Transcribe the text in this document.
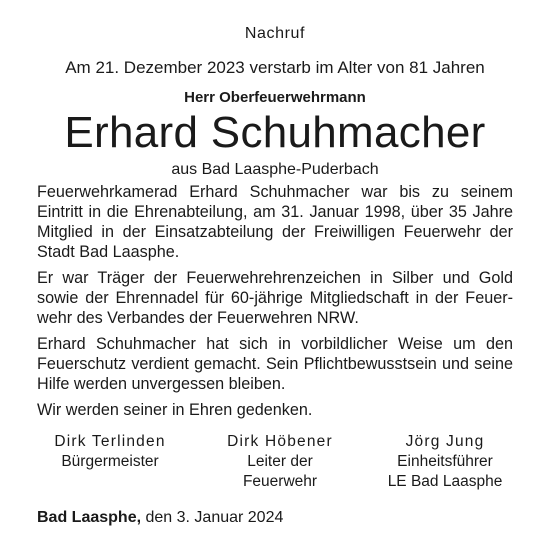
Nachruf
Am 21. Dezember 2023 verstarb im Alter von 81 Jahren
Herr Oberfeuerwehrmann
Erhard Schuhmacher
aus Bad Laasphe-Puderbach

Feuerwehrkamerad Erhard Schuhmacher war bis zu seinem Eintritt in die Ehrenabteilung, am 31. Januar 1998, über 35 Jahre Mitglied in der Einsatzabteilung der Freiwilligen Feuerwehr der Stadt Bad Laasphe.

Er war Träger der Feuerwehrehrenzeichen in Silber und Gold sowie der Ehrennadel für 60-jährige Mitgliedschaft in der Feuer-wehr des Verbandes der Feuerwehren NRW.

Erhard Schuhmacher hat sich in vorbildlicher Weise um den Feuerschutz verdient gemacht. Sein Pflichtbewusstsein und seine Hilfe werden unvergessen bleiben.

Wir werden seiner in Ehren gedenken.

Dirk Terlinden
Bürgermeister
Dirk Höbener
Leiter der
Feuerwehr
Jörg Jung
Einheitsführer
LE Bad Laasphe
Bad Laasphe, den 3. Januar 2024
